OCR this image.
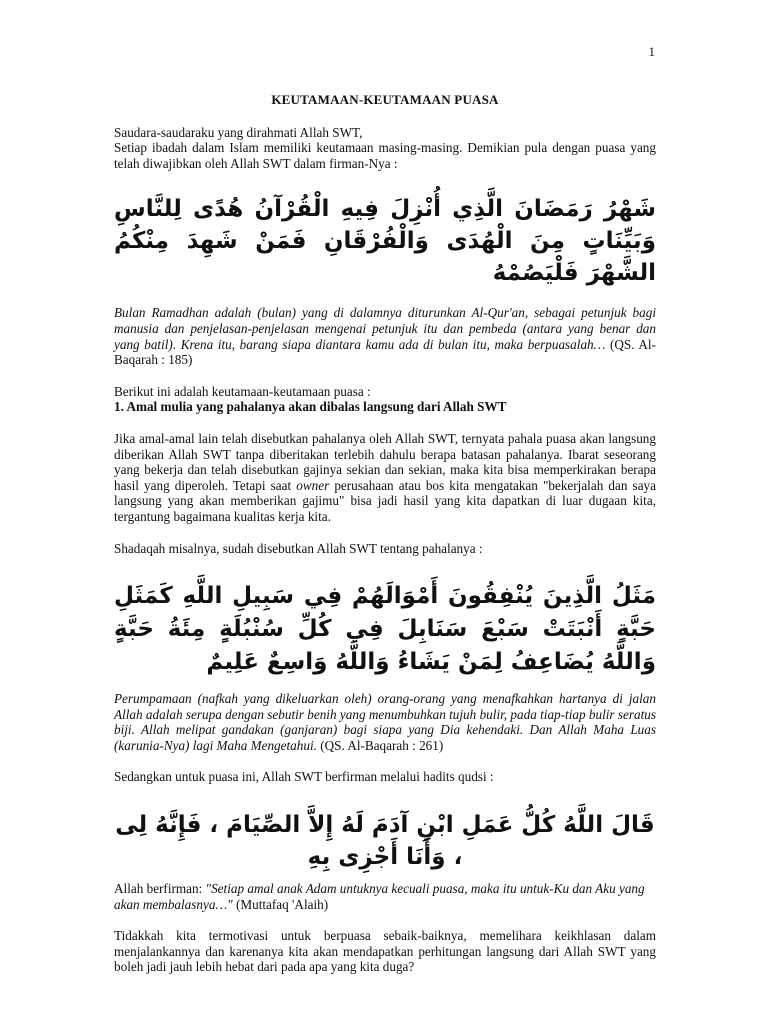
1
KEUTAMAAN-KEUTAMAAN PUASA

Saudara-saudaraku yang dirahmati Allah SWT,

Setiap ibadah dalam Islam memiliki keutamaan masing-masing. Demikian pula dengan puasa yang telah diwajibkan oleh Allah SWT dalam firman-Nya :

شَهْرُ رَمَضَانَ الَّذِي أُنْزِلَ فِيهِ الْقُرْآنُ هُدًى لِلنَّاسِ وَبَيِّنَاتٍ مِنَ الْهُدَى وَالْفُرْقَانِ فَمَنْ شَهِدَ مِنْكُمُ الشَّهْرَ فَلْيَصُمْهُ

Bulan Ramadhan adalah (bulan) yang di dalamnya diturunkan Al-Qur'an, sebagai petunjuk bagi manusia dan penjelasan-penjelasan mengenai petunjuk itu dan pembeda (antara yang benar dan yang batil). Krena itu, barang siapa diantara kamu ada di bulan itu, maka berpuasalah… (QS. Al-Baqarah : 185)

Berikut ini adalah keutamaan-keutamaan puasa :

1. Amal mulia yang pahalanya akan dibalas langsung dari Allah SWT

Jika amal-amal lain telah disebutkan pahalanya oleh Allah SWT, ternyata pahala puasa akan langsung diberikan Allah SWT tanpa diberitakan terlebih dahulu berapa batasan pahalanya. Ibarat seseorang yang bekerja dan telah disebutkan gajinya sekian dan sekian, maka kita bisa memperkirakan berapa hasil yang diperoleh. Tetapi saat owner perusahaan atau bos kita mengatakan "bekerjalah dan saya langsung yang akan memberikan gajimu" bisa jadi hasil yang kita dapatkan di luar dugaan kita, tergantung bagaimana kualitas kerja kita.

Shadaqah misalnya, sudah disebutkan Allah SWT tentang pahalanya :

مَثَلُ الَّذِينَ يُنْفِقُونَ أَمْوَالَهُمْ فِي سَبِيلِ اللَّهِ كَمَثَلِ حَبَّةٍ أَنْبَتَتْ سَبْعَ سَنَابِلَ فِي كُلِّ سُنْبُلَةٍ مِئَةُ حَبَّةٍ وَاللَّهُ يُضَاعِفُ لِمَنْ يَشَاءُ وَاللَّهُ وَاسِعٌ عَلِيمٌ

Perumpamaan (nafkah yang dikeluarkan oleh) orang-orang yang menafkahkan hartanya di jalan Allah adalah serupa dengan sebutir benih yang menumbuhkan tujuh bulir, pada tiap-tiap bulir seratus biji. Allah melipat gandakan (ganjaran) bagi siapa yang Dia kehendaki. Dan Allah Maha Luas (karunia-Nya) lagi Maha Mengetahui. (QS. Al-Baqarah : 261)

Sedangkan untuk puasa ini, Allah SWT berfirman melalui hadits qudsi :

قَالَ اللَّهُ كُلُّ عَمَلِ ابْنِ آدَمَ لَهُ إِلاَّ الصِّيَامَ ، فَإِنَّهُ لِى ، وَأَنَا أَجْزِى بِهِ

Allah berfirman: "Setiap amal anak Adam untuknya kecuali puasa, maka itu untuk-Ku dan Aku yang akan membalasnya…" (Muttafaq 'Alaih)

Tidakkah kita termotivasi untuk berpuasa sebaik-baiknya, memelihara keikhlasan dalam menjalankannya dan karenanya kita akan mendapatkan perhitungan langsung dari Allah SWT yang boleh jadi jauh lebih hebat dari pada apa yang kita duga?
